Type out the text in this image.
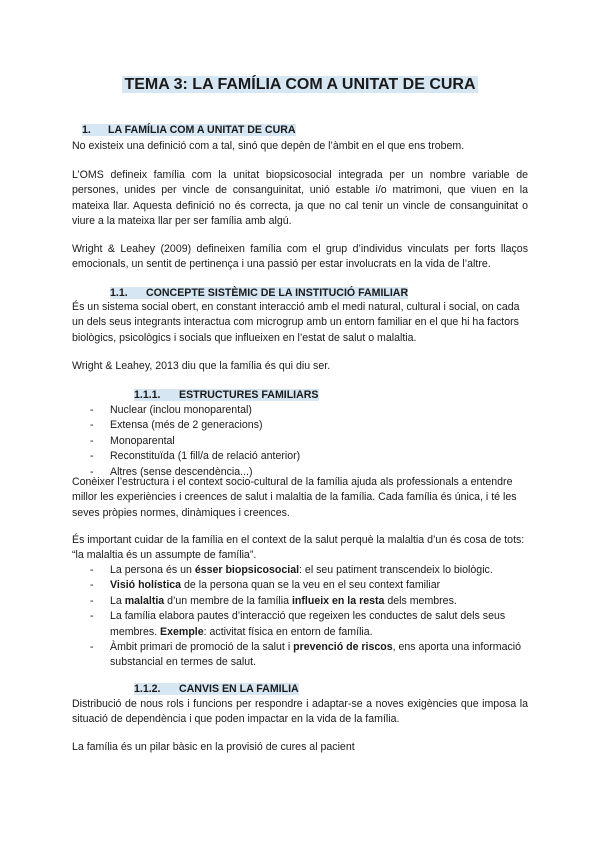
TEMA 3: LA FAMÍLIA COM A UNITAT DE CURA
1. LA FAMÍLIA COM A UNITAT DE CURA

No existeix una definició com a tal, sinó que depèn de l’àmbit en el que ens trobem.

L’OMS defineix família com la unitat biopsicosocial integrada per un nombre variable de persones, unides per vincle de consanguinitat, unió estable i/o matrimoni, que viuen en la mateixa llar. Aquesta definició no és correcta, ja que no cal tenir un vincle de consanguinitat o viure a la mateixa llar per ser família amb algú.

Wright & Leahey (2009) defineixen família com el grup d’individus vinculats per forts llaços emocionals, un sentit de pertinença i una passió per estar involucrats en la vida de l’altre.

1.1. CONCEPTE SISTÈMIC DE LA INSTITUCIÓ FAMILIAR

És un sistema social obert, en constant interacció amb el medi natural, cultural i social, on cada un dels seus integrants interactua com microgrup amb un entorn familiar en el que hi ha factors biològics, psicològics i socials que influeixen en l’estat de salut o malaltia.

Wright & Leahey, 2013 diu que la família és qui diu ser.

1.1.1. ESTRUCTURES FAMILIARS
- Nuclear (inclou monoparental)
- Extensa (més de 2 generacions)
- Monoparental
- Reconstituïda (1 fill/a de relació anterior)
- Altres (sense descendència...)

Conèixer l’estructura i el context socio-cultural de la família ajuda als professionals a entendre millor les experiències i creences de salut i malaltia de la família. Cada família és única, i té les seves pròpies normes, dinàmiques i creences.

És important cuidar de la família en el context de la salut perquè la malaltia d’un és cosa de tots: “la malaltia és un assumpte de família”.

- La persona és un ésser biopsicosocial: el seu patiment transcendeix lo biològic.
- Visió holística de la persona quan se la veu en el seu context familiar
- La malaltia d’un membre de la família influeix en la resta dels membres.
- La família elabora pautes d’interacció que regeixen les conductes de salut dels seus membres. Exemple: activitat física en entorn de família.
- Àmbit primari de promoció de la salut i prevenció de riscos, ens aporta una informació substancial en termes de salut.
1.1.2. CANVIS EN LA FAMILIA

Distribució de nous rols i funcions per respondre i adaptar-se a noves exigències que imposa la situació de dependència i que poden impactar en la vida de la família.

La família és un pilar bàsic en la provisió de cures al pacient
